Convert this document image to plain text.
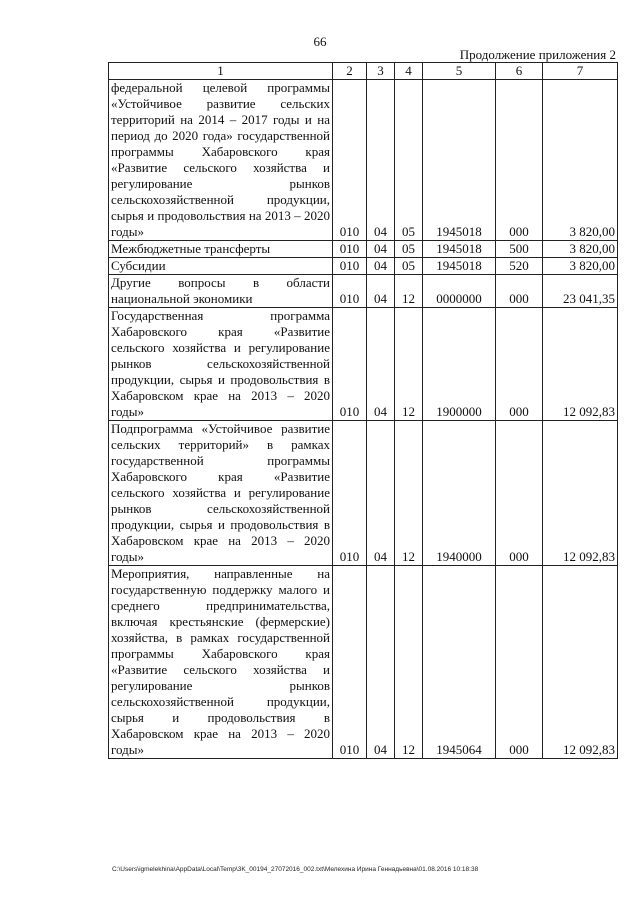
66
Продолжение приложения 2
1	2	3	4	5	6	7
федеральной целевой программы «Устойчивое развитие сельских территорий на 2014 – 2017 годы и на период до 2020 года» государственной программы Хабаровского края «Развитие сельского хозяйства и регулирование рынков сельскохозяйственной продукции, сырья и продовольствия на 2013 – 2020 годы»	010	04	05	1945018	000	3 820,00
Межбюджетные трансферты	010	04	05	1945018	500	3 820,00
Субсидии	010	04	05	1945018	520	3 820,00
Другие вопросы в области национальной экономики	010	04	12	0000000	000	23 041,35
Государственная программа Хабаровского края «Развитие сельского хозяйства и регулирование рынков сельскохозяйственной продукции, сырья и продовольствия в Хабаровском крае на 2013 – 2020 годы»	010	04	12	1900000	000	12 092,83
Подпрограмма «Устойчивое развитие сельских территорий» в рамках государственной программы Хабаровского края «Развитие сельского хозяйства и регулирование рынков сельскохозяйственной продукции, сырья и продовольствия в Хабаровском крае на 2013 – 2020 годы»	010	04	12	1940000	000	12 092,83
Мероприятия, направленные на государственную поддержку малого и среднего предпринимательства, включая крестьянские (фермерские) хозяйства, в рамках государственной программы Хабаровского края «Развитие сельского хозяйства и регулирование рынков сельскохозяйственной продукции, сырья и продовольствия в Хабаровском крае на 2013 – 2020 годы»	010	04	12	1945064	000	12 092,83
C:\Users\igmelekhina\AppData\Local\Temp\3K_00194_27072016_002.txt\Мелехина Ирина Геннадьевна\01.08.2016 10:18:38
